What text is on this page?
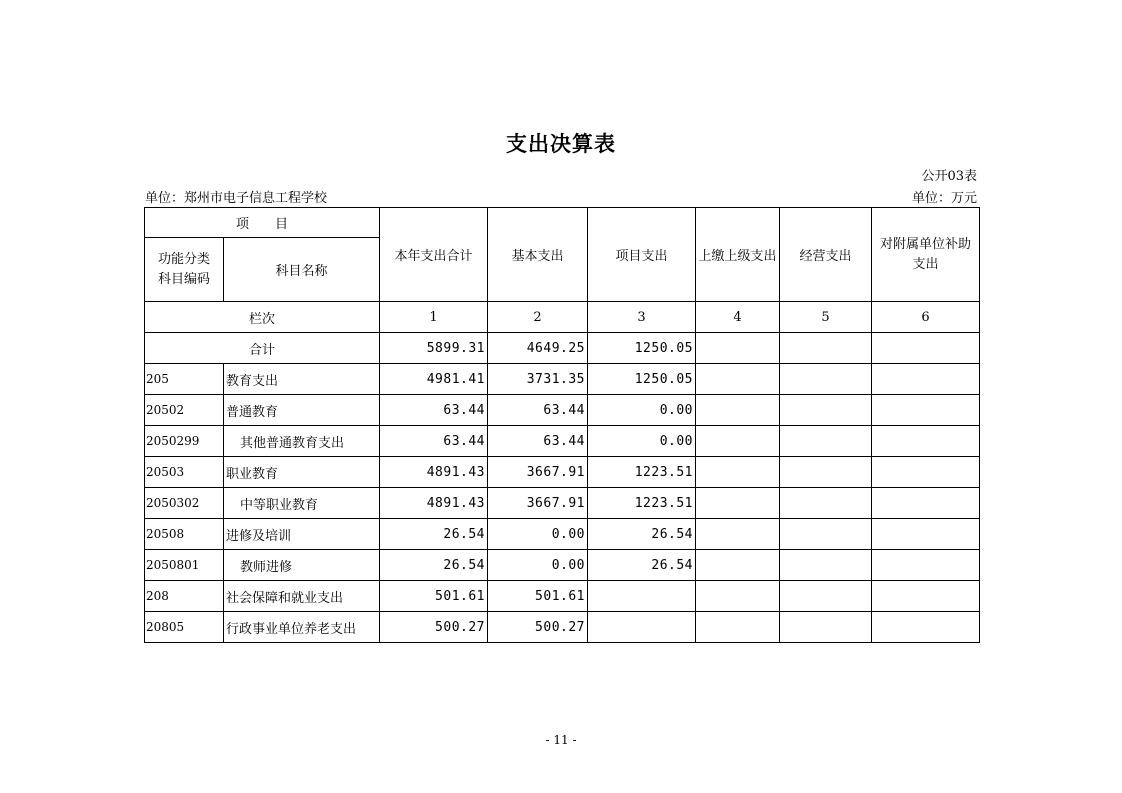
支出决算表
公开03表
单位：郑州市电子信息工程学校	单位：万元
项　　目		本年支出合计	基本支出	项目支出	上缴上级支出	经营支出	对附属单位补助支出
功能分类
科目编码	科目名称						
栏次		1	2	3	4	5	6
合计		5899.31	4649.25	1250.05			
205	教育支出	4981.41	3731.35	1250.05			
20502	普通教育	63.44	63.44	0.00			
2050299	其他普通教育支出	63.44	63.44	0.00			
20503	职业教育	4891.43	3667.91	1223.51			
2050302	中等职业教育	4891.43	3667.91	1223.51			
20508	进修及培训	26.54	0.00	26.54			
2050801	教师进修	26.54	0.00	26.54			
208	社会保障和就业支出	501.61	501.61				
20805	行政事业单位养老支出	500.27	500.27				
- 11 -
